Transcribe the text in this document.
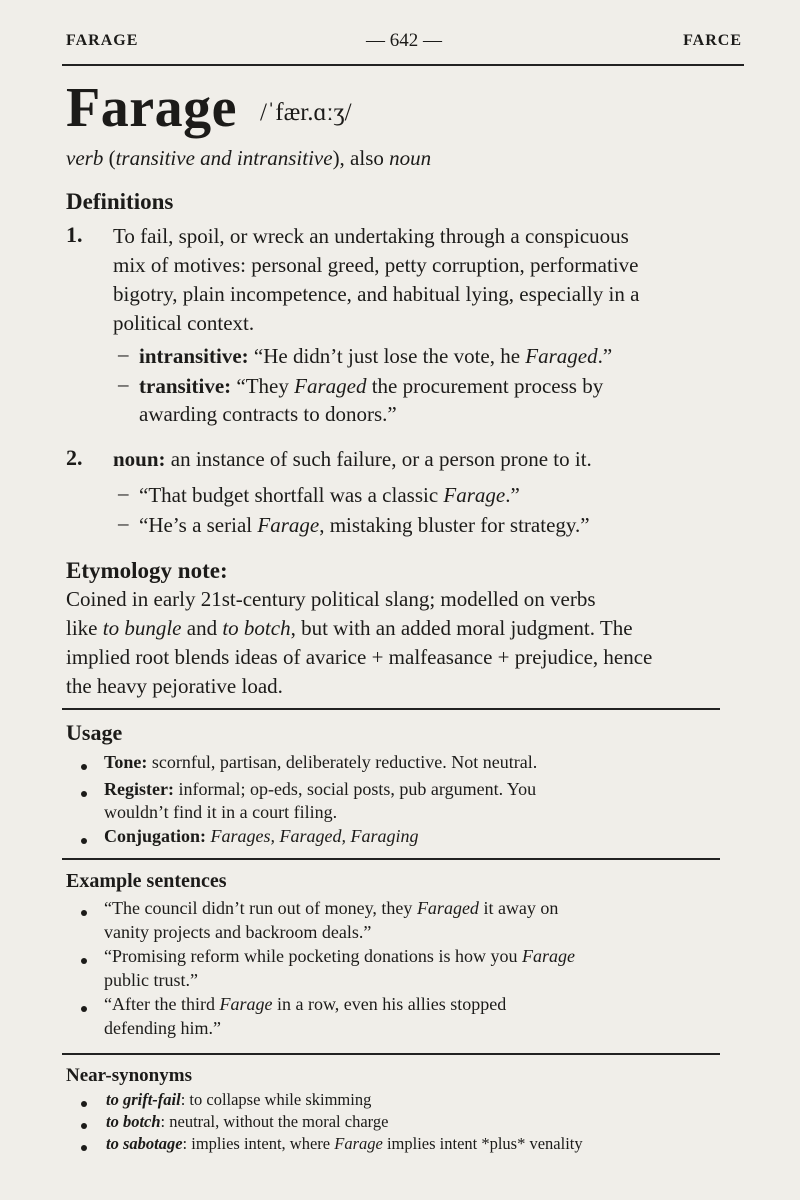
— 642 —
FARAGE	FARCE

Farage /ˈfær.ɑːʒ/

verb (transitive and intransitive), also noun

Definitions

1. To fail, spoil, or wreck an undertaking through a conspicuous

mix of motives: personal greed, petty corruption, performative

bigotry, plain incompetence, and habitual lying, especially in a

political context.

– intransitive: “He didn’t just lose the vote, he Faraged.”

– transitive: “They Faraged the procurement process by

awarding contracts to donors.”

2. noun: an instance of such failure, or a person prone to it.

– “That budget shortfall was a classic Farage.”

– “He’s a serial Farage, mistaking bluster for strategy.”

Etymology note:

Coined in early 21st-century political slang; modelled on verbs

like to bungle and to botch, but with an added moral judgment. The

implied root blends ideas of avarice + malfeasance + prejudice, hence

the heavy pejorative load.

Usage

Tone: scornful, partisan, deliberately reductive. Not neutral.

Register: informal; op-eds, social posts, pub argument. You

wouldn’t find it in a court filing.

Conjugation: Farages, Faraged, Faraging

Example sentences

“The council didn’t run out of money, they Faraged it away on

vanity projects and backroom deals.”

“Promising reform while pocketing donations is how you Farage

public trust.”

“After the third Farage in a row, even his allies stopped

defending him.”

Near-synonyms

to grift-fail: to collapse while skimming

to botch: neutral, without the moral charge

to sabotage: implies intent, where Farage implies intent *plus* venality
